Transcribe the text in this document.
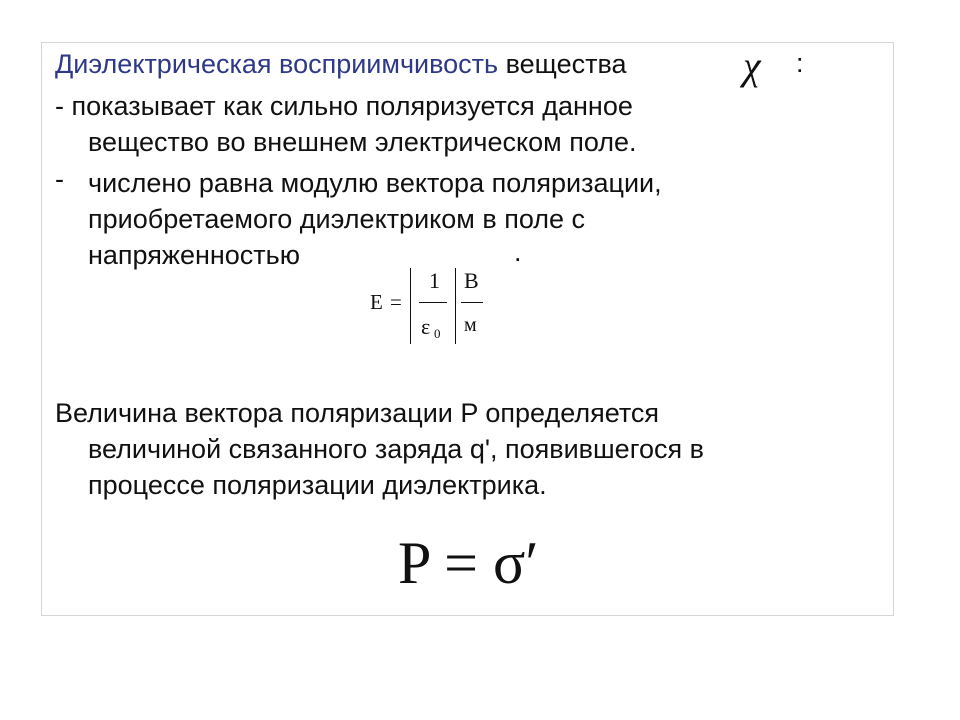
Диэлектрическая восприимчивость вещества	χ :
- показывает как сильно поляризуется данное
вещество во внешнем электрическом поле.
- числено равна модулю вектора поляризации,
приобретаемого диэлектриком в поле с
напряженностью	.
E =
1
ε 0
В
м
Величина вектора поляризации P определяется
величиной связанного заряда q', появившегося в
процессе поляризации диэлектрика.
P = σ′
